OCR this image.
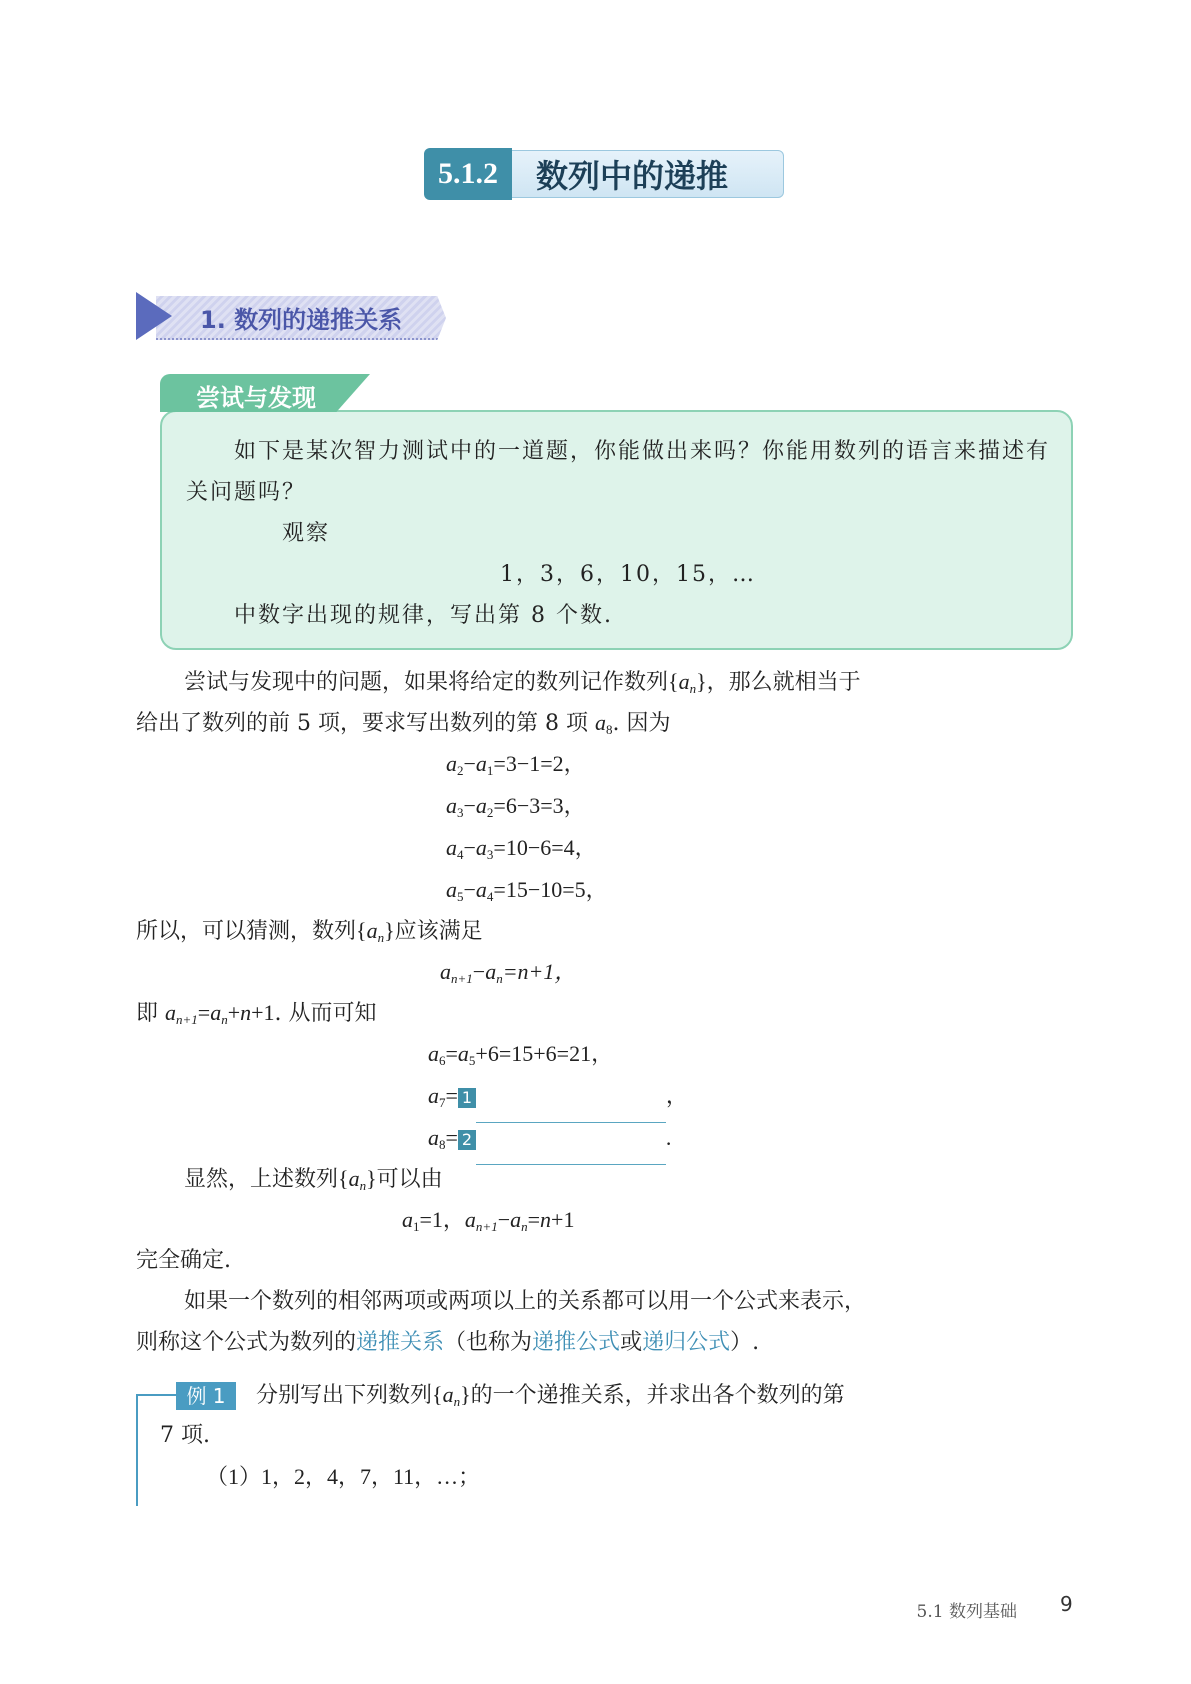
5.1.2	数列中的递推
1. 数列的递推关系
尝试与发现
如下是某次智力测试中的一道题，你能做出来吗？你能用数列的语言来描述有
关问题吗？
观察
1，3，6，10，15，…
中数字出现的规律，写出第 8 个数.
尝试与发现中的问题，如果将给定的数列记作数列$\{a_n\}$，那么就相当于
给出了数列的前 5 项，要求写出数列的第 8 项 $a_8$. 因为
$a_2-a_1=3-1=2$，
$a_3-a_2=6-3=3$，
$a_4-a_3=10-6=4$，
$a_5-a_4=15-10=5$，
所以，可以猜测，数列$\{a_n\}$应该满足
$a_{n+1}-a_n=n+1$，
即 $a_{n+1}=a_n+n+1$. 从而可知
$a_6=a_5+6=15+6=21$，
$a_7= 1$	，
$a_8= 2$	.
显然，上述数列$\{a_n\}$可以由
$a_1=1$，$a_{n+1}-a_n=n+1$
完全确定.
如果一个数列的相邻两项或两项以上的关系都可以用一个公式来表示，
则称这个公式为数列的递推关系（也称为递推公式或递归公式）.
例 1	分别写出下列数列$\{a_n\}$的一个递推关系，并求出各个数列的第
7 项.
（1）1，2，4，7，11，…；
5.1 数列基础 9
